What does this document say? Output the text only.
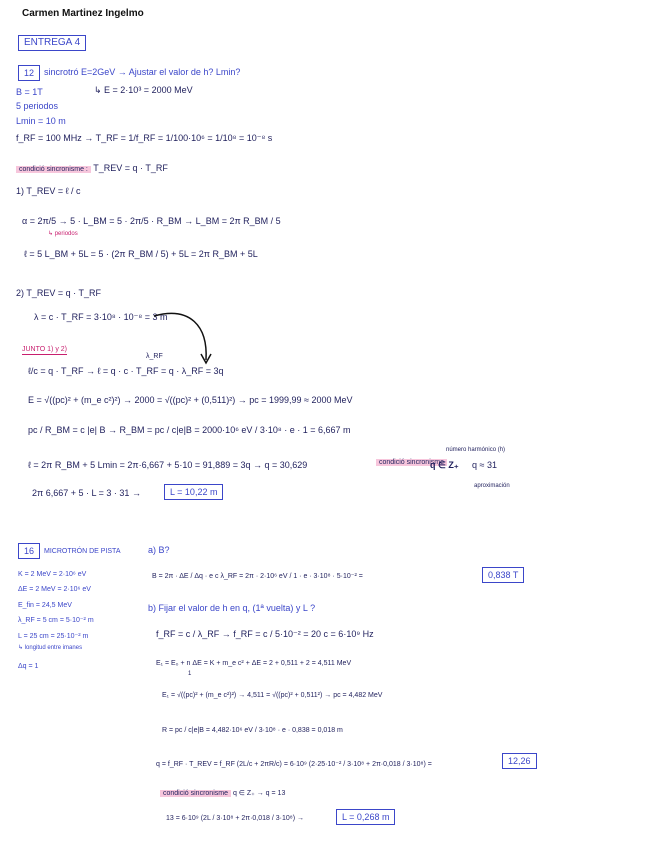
Carmen Martinez Ingelmo
ENTREGA 4
12	sincrotró E=2GeV → Ajustar el valor de h? Lmin?
↳ E = 2·10³ = 2000 MeV
B = 1T
5 periodos
Lmin = 10 m
f_RF = 100 MHz → T_RF = 1/f_RF = 1/100·10⁶ = 1/10⁸ = 10⁻⁸ s
condició sincronisme : T_REV = q · T_RF
1) T_REV = ℓ / c
α = 2π/5 → 5 · L_BM = 5 · 2π/5 · R_BM → L_BM = 2π R_BM / 5
↳ periodos
ℓ = 5 L_BM + 5L = 5 · (2π R_BM / 5) + 5L = 2π R_BM + 5L
2) T_REV = q · T_RF
λ = c · T_RF = 3·10⁸ · 10⁻⁸ = 3 m
JUNTO 1) y 2)
λ_RF
ℓ/c = q · T_RF → ℓ = q · c · T_RF = q · λ_RF = 3q
E = √((pc)² + (m_e c²)²) → 2000 = √((pc)² + (0,511)²) → pc = 1999,99 ≈ 2000 MeV
pc / R_BM = c |e| B → R_BM = pc / c|e|B = 2000·10⁶ eV / 3·10⁸ · e · 1 = 6,667 m
número harmónico (h)
ℓ = 2π R_BM + 5 Lmin = 2π·6,667 + 5·10 = 91,889 = 3q → q = 30,629	condició sincronisme
q ∈ Z₊ q ≈ 31
aproximación
2π 6,667 + 5 · L = 3 · 31 →	L = 10,22 m
16	MICROTRÓN DE PISTA	a) B?
K = 2 MeV = 2·10⁶ eV
ΔE = 2 MeV = 2·10⁶ eV
E_fin = 24,5 MeV
λ_RF = 5 cm = 5·10⁻² m
L = 25 cm = 25·10⁻² m
↳ longitud entre imanes
Δq = 1
B = 2π · ΔE / Δq · e c λ_RF = 2π · 2·10⁶ eV / 1 · e · 3·10⁸ · 5·10⁻² =	0,838 T
b) Fijar el valor de h en q, (1ª vuelta) y L ?
f_RF = c / λ_RF → f_RF = c / 5·10⁻² = 20 c = 6·10⁹ Hz
E₁ = E₀ + n ΔE = K + m_e c² + ΔE = 2 + 0,511 + 2 = 4,511 MeV
1
E₁ = √((pc)² + (m_e c²)²) → 4,511 = √((pc)² + 0,511²) → pc = 4,482 MeV
R = pc / c|e|B = 4,482·10⁶ eV / 3·10⁸ · e · 0,838 = 0,018 m
q = f_RF · T_REV = f_RF (2L/c + 2πR/c) = 6·10⁹ (2·25·10⁻² / 3·10⁸ + 2π·0,018 / 3·10⁸) =	12,26
condició sincronisme q ∈ Z₊ → q = 13
13 = 6·10⁹ (2L / 3·10⁸ + 2π·0,018 / 3·10⁸) →	L = 0,268 m
